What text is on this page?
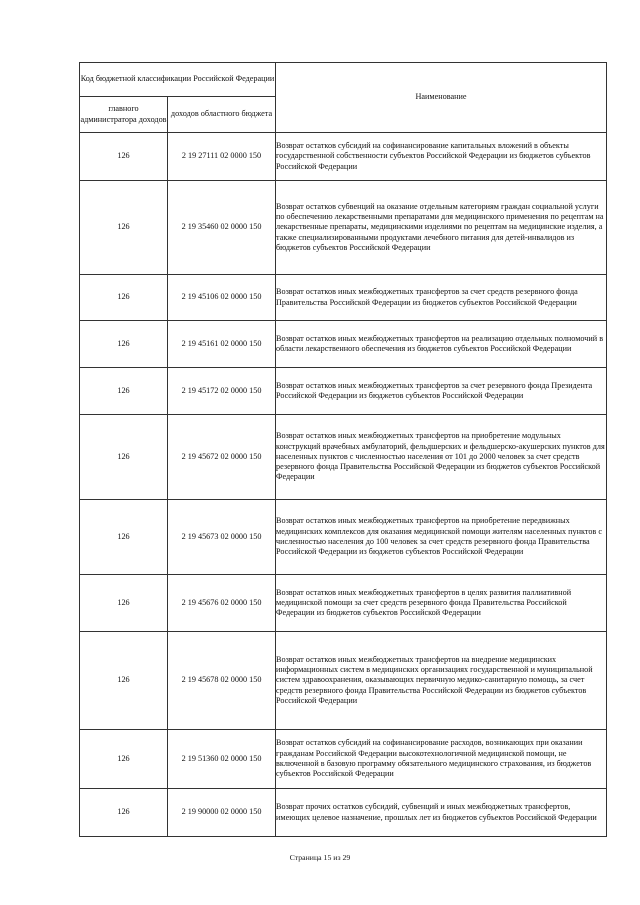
Код бюджетной классификации Российской Федерации		Наименование
главного администратора доходов	доходов областного бюджета	
126	2 19 27111 02 0000 150	Возврат остатков субсидий на софинансирование капитальных вложений в объекты государственной собственности субъектов Российской Федерации из бюджетов субъектов Российской Федерации
126	2 19 35460 02 0000 150	Возврат остатков субвенций на оказание отдельным категориям граждан социальной услуги по обеспечению лекарственными препаратами для медицинского применения по рецептам на лекарственные препараты, медицинскими изделиями по рецептам на медицинские изделия, а также специализированными продуктами лечебного питания для детей-инвалидов из бюджетов субъектов Российской Федерации
126	2 19 45106 02 0000 150	Возврат остатков иных межбюджетных трансфертов за счет средств резервного фонда Правительства Российской Федерации из бюджетов субъектов Российской Федерации
126	2 19 45161 02 0000 150	Возврат остатков иных межбюджетных трансфертов на реализацию отдельных полномочий в области лекарственного обеспечения из бюджетов субъектов Российской Федерации
126	2 19 45172 02 0000 150	Возврат остатков иных межбюджетных трансфертов за счет резервного фонда Президента Российской Федерации из бюджетов субъектов Российской Федерации
126	2 19 45672 02 0000 150	Возврат остатков иных межбюджетных трансфертов на приобретение модульных конструкций врачебных амбулаторий, фельдшерских и фельдшерско-акушерских пунктов для населенных пунктов с численностью населения от 101 до 2000 человек за счет средств резервного фонда Правительства Российской Федерации из бюджетов субъектов Российской Федерации
126	2 19 45673 02 0000 150	Возврат остатков иных межбюджетных трансфертов на приобретение передвижных медицинских комплексов для оказания медицинской помощи жителям населенных пунктов с численностью населения до 100 человек за счет средств резервного фонда Правительства Российской Федерации из бюджетов субъектов Российской Федерации
126	2 19 45676 02 0000 150	Возврат остатков иных межбюджетных трансфертов в целях развития паллиативной медицинской помощи за счет средств резервного фонда Правительства Российской Федерации из бюджетов субъектов Российской Федерации
126	2 19 45678 02 0000 150	Возврат остатков иных межбюджетных трансфертов на внедрение медицинских информационных систем в медицинских организациях государственной и муниципальной систем здравоохранения, оказывающих первичную медико-санитарную помощь, за счет средств резервного фонда Правительства Российской Федерации из бюджетов субъектов Российской Федерации
126	2 19 51360 02 0000 150	Возврат остатков субсидий на софинансирование расходов, возникающих при оказании гражданам Российской Федерации высокотехнологичной медицинской помощи, не включенной в базовую программу обязательного медицинского страхования, из бюджетов субъектов Российской Федерации
126	2 19 90000 02 0000 150	Возврат прочих остатков субсидий, субвенций и иных межбюджетных трансфертов, имеющих целевое назначение, прошлых лет из бюджетов субъектов Российской Федерации
Страница 15 из 29
